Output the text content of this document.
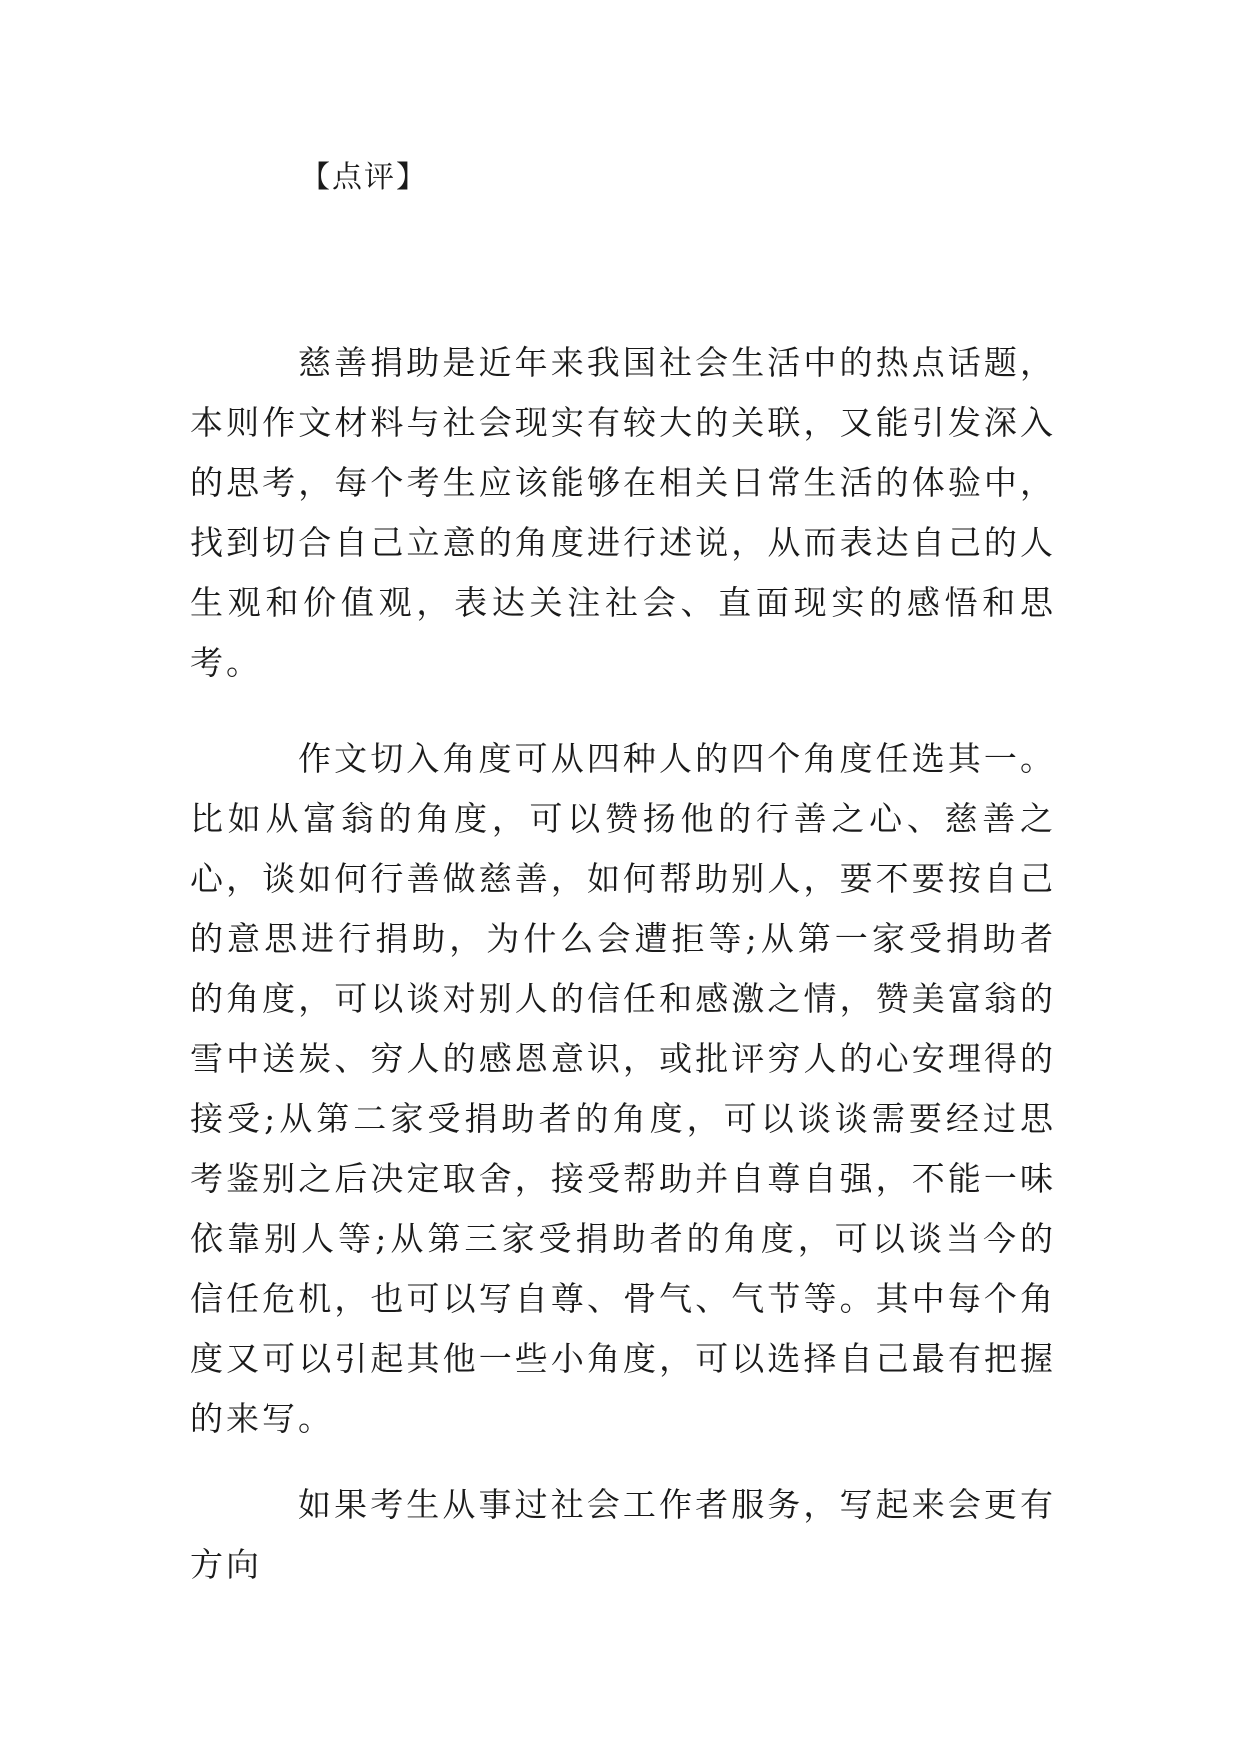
【点评】

慈善捐助是近年来我国社会生活中的热点话题，本则作文材料与社会现实有较大的关联，又能引发深入的思考，每个考生应该能够在相关日常生活的体验中，找到切合自己立意的角度进行述说，从而表达自己的人生观和价值观，表达关注社会、直面现实的感悟和思考。

作文切入角度可从四种人的四个角度任选其一。比如从富翁的角度，可以赞扬他的行善之心、慈善之心，谈如何行善做慈善，如何帮助别人，要不要按自己的意思进行捐助，为什么会遭拒等;从第一家受捐助者的角度，可以谈对别人的信任和感激之情，赞美富翁的雪中送炭、穷人的感恩意识，或批评穷人的心安理得的接受;从第二家受捐助者的角度，可以谈谈需要经过思考鉴别之后决定取舍，接受帮助并自尊自强，不能一味依靠别人等;从第三家受捐助者的角度，可以谈当今的信任危机，也可以写自尊、骨气、气节等。其中每个角度又可以引起其他一些小角度，可以选择自己最有把握的来写。

如果考生从事过社会工作者服务，写起来会更有方向
